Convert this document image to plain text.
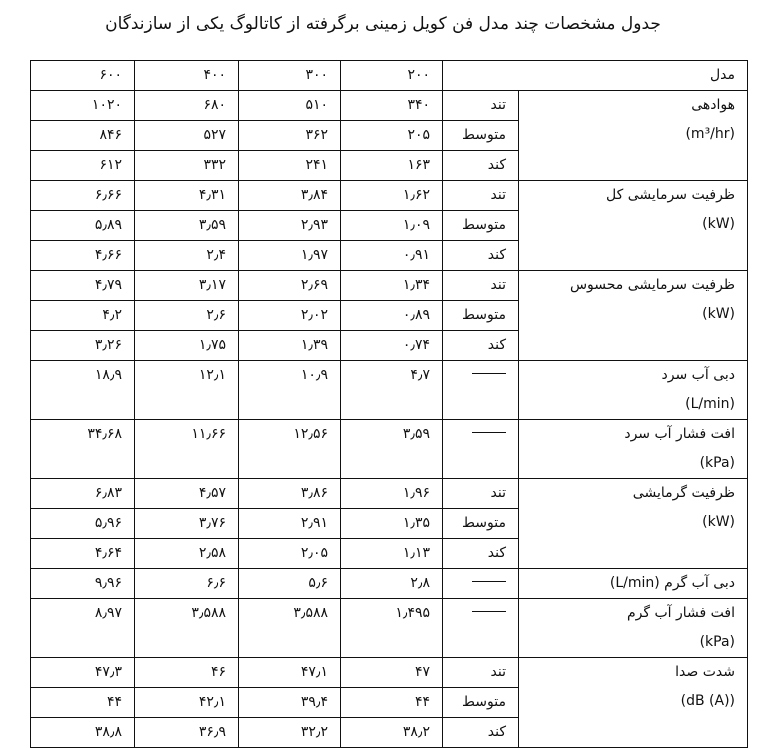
جدول مشخصات چند مدل فن کویل زمینی برگرفته از کاتالوگ یکی از سازندگان
مدل		۲۰۰	۳۰۰	۴۰۰	۶۰۰
هوادهی
(m³/hr)	تند	۳۴۰	۵۱۰	۶۸۰	۱۰۲۰
	متوسط	۲۰۵	۳۶۲	۵۲۷	۸۴۶
	کند	۱۶۳	۲۴۱	۳۳۲	۶۱۲
ظرفیت سرمایشی کل
(kW)	تند	۱٫۶۲	۳٫۸۴	۴٫۳۱	۶٫۶۶
	متوسط	۱٫۰۹	۲٫۹۳	۳٫۵۹	۵٫۸۹
	کند	۰٫۹۱	۱٫۹۷	۲٫۴	۴٫۶۶
ظرفیت سرمایشی محسوس
(kW)	تند	۱٫۳۴	۲٫۶۹	۳٫۱۷	۴٫۷۹
	متوسط	۰٫۸۹	۲٫۰۲	۲٫۶	۴٫۲
	کند	۰٫۷۴	۱٫۳۹	۱٫۷۵	۳٫۲۶
دبی آب سرد
(L/min)		۴٫۷	۱۰٫۹	۱۲٫۱	۱۸٫۹
افت فشار آب سرد
(kPa)		۳٫۵۹	۱۲٫۵۶	۱۱٫۶۶	۳۴٫۶۸
ظرفیت گرمایشی
(kW)	تند	۱٫۹۶	۳٫۸۶	۴٫۵۷	۶٫۸۳
	متوسط	۱٫۳۵	۲٫۹۱	۳٫۷۶	۵٫۹۶
	کند	۱٫۱۳	۲٫۰۵	۲٫۵۸	۴٫۶۴
دبی آب گرم (L/min)		۲٫۸	۵٫۶	۶٫۶	۹٫۹۶
افت فشار آب گرم
(kPa)		۱٫۴۹۵	۳٫۵۸۸	۳٫۵۸۸	۸٫۹۷
شدت صدا
(dB (A))	تند	۴۷	۴۷٫۱	۴۶	۴۷٫۳
	متوسط	۴۴	۳۹٫۴	۴۲٫۱	۴۴
	کند	۳۸٫۲	۳۲٫۲	۳۶٫۹	۳۸٫۸
